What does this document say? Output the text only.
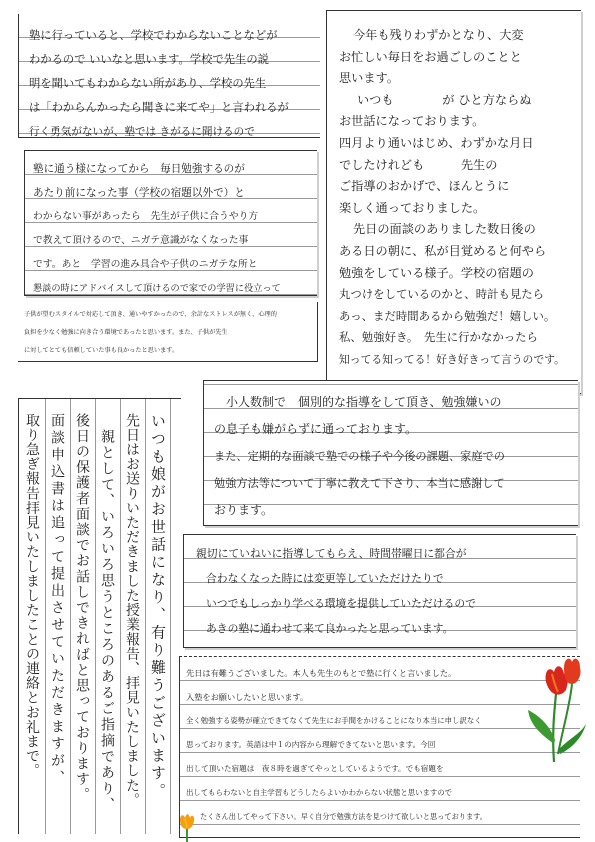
塾に行っていると、学校でわからないことなどが
わかるので いいなと思います。学校で先生の説
明を聞いてもわからない所があり、学校の先生
は「わからんかったら聞きに来てや」と言われるが
行く勇気がないが、塾では きがるに聞けるので
今年も残りわずかとなり、大変
お忙しい毎日をお過ごしのことと
思います。
いつも　　　　が ひと方ならぬ
お世話になっております。
四月より通いはじめ、わずかな月日
でしたけれども　　　先生の
ご指導のおかげで、ほんとうに
楽しく通っておりました。
先日の面談のありました数日後の
ある日の朝に、私が目覚めると何やら
勉強をしている様子。学校の宿題の
丸つけをしているのかと、時計も見たら
あっ、まだ時間あるから勉強だ！嬉しい。
私、勉強好き。　先生に行かなかったら
知ってる知ってる！好き好きって言うのです。
塾に通う様になってから　毎日勉強するのが
あたり前になった事（学校の宿題以外で）と
わからない事があったら　先生が子供に合うやり方
で教えて頂けるので、ニガテ意識がなくなった事
です。あと　学習の進み具合や子供のニガテな所と
懇談の時にアドバイスして頂けるので家での学習に役立って
子供が望むスタイルで対応して頂き、通いやすかったので、余計なストレスが無く、心理的
負担を少なく勉強に向き合う環境であったと思います。また、子供が先生
に対してとても信頼していた事も良かったと思います。
いつも娘がお世話になり、有り難うございます。
先日はお送りいただきました授業報告、拝見いたしました。
親として、いろいろ思うところのあるご指摘であり、
後日の保護者面談でお話しできればと思っております。
面談申込書は追って提出させていただきますが、
取り急ぎ報告拝見いたしましたことの連絡とお礼まで。
小人数制で　個別的な指導をして頂き、勉強嫌いの
の息子も嫌がらずに通っております。
また、定期的な面談で塾での様子や今後の課題、家庭での
勉強方法等について丁寧に教えて下さり、本当に感謝して
おります。
親切にていねいに指導してもらえ、時間帯曜日に都合が
合わなくなった時には変更等していただけたりで
いつでもしっかり学べる環境を提供していただけるので
あきの塾に通わせて来て良かったと思っています。
先日は有難うございました。本人も先生のもとで塾に行くと言いました。
入塾をお願いしたいと思います。
全く勉強する姿勢が確立できてなくて先生にお手間をかけることになり本当に申し訳なく
思っております。英語は中１の内容から理解できてないと思います。今回
出して頂いた宿題は　夜８時を過ぎてやっとしているようです。でも宿題を
出してもらわないと自主学習もどうしたらよいかわからない状態と思いますので
たくさん出してやって下さい。早く自分で勉強方法を見つけて欲しいと思っております。
